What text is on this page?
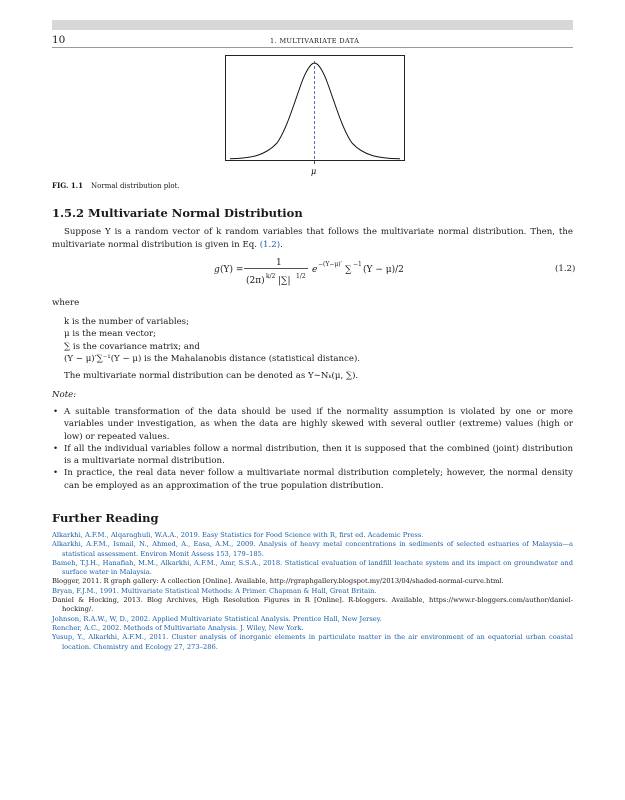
10	1. MULTIVARIATE DATA
μ
FIG. 1.1 Normal distribution plot.
1.5.2 Multivariate Normal Distribution
Suppose Y is a random vector of k random variables that follows the multivariate normal distribution. Then, the multivariate normal distribution is given in Eq. (1.2).
g (Y) =
1
(2π) k/2 |∑| 1/2
e
−(Y−μ)′
∑
−1
(Y − μ)/2	(1.2)
where
k is the number of variables;
μ is the mean vector;
∑ is the covariance matrix; and
(Y − μ)′∑⁻¹(Y − μ) is the Mahalanobis distance (statistical distance).
The multivariate normal distribution can be denoted as Y∼Nₖ(μ, ∑).
Note:
• A suitable transformation of the data should be used if the normality assumption is violated by one or more variables under investigation, as when the data are highly skewed with several outlier (extreme) values (high or low) or repeated values.
• If all the individual variables follow a normal distribution, then it is supposed that the combined (joint) distribution is a multivariate normal distribution.
• In practice, the real data never follow a multivariate normal distribution completely; however, the normal density can be employed as an approximation of the true population distribution.
Further Reading
Alkarkhi, A.F.M., Alqaraghuli, W.A.A., 2019. Easy Statistics for Food Science with R, first ed. Academic Press.
Alkarkhi, A.F.M., Ismail, N., Ahmed, A., Easa, A.M., 2009. Analysis of heavy metal concentrations in sediments of selected estuaries of Malaysia—a statistical assessment. Environ Monit Assess 153, 179–185.
Bameh, T.J.H., Hanafiah, M.M., Alkarkhi, A.F.M., Amr, S.S.A., 2018. Statistical evaluation of landfill leachate system and its impact on groundwater and surface water in Malaysia.
Blogger, 2011. R graph gallery: A collection [Online]. Available, http://rgraphgallery.blogspot.my/2013/04/shaded-normal-curve.html.
Bryan, F.J.M., 1991. Multivariate Statistical Methods: A Primer. Chapman & Hall, Great Britain.
Daniel & Hocking, 2013. Blog Archives, High Resolution Figures in R [Online]. R-bloggers. Available, https://www.r-bloggers.com/author/daniel-hocking/.
Johnson, R.A.W., W, D., 2002. Applied Multivariate Statistical Analysis. Prentice Hall, New Jersey.
Rencher, A.C., 2002. Methods of Multivariate Analysis. J. Wiley, New York.
Yusup, Y., Alkarkhi, A.F.M., 2011. Cluster analysis of inorganic elements in particulate matter in the air environment of an equatorial urban coastal location. Chemistry and Ecology 27, 273–286.
